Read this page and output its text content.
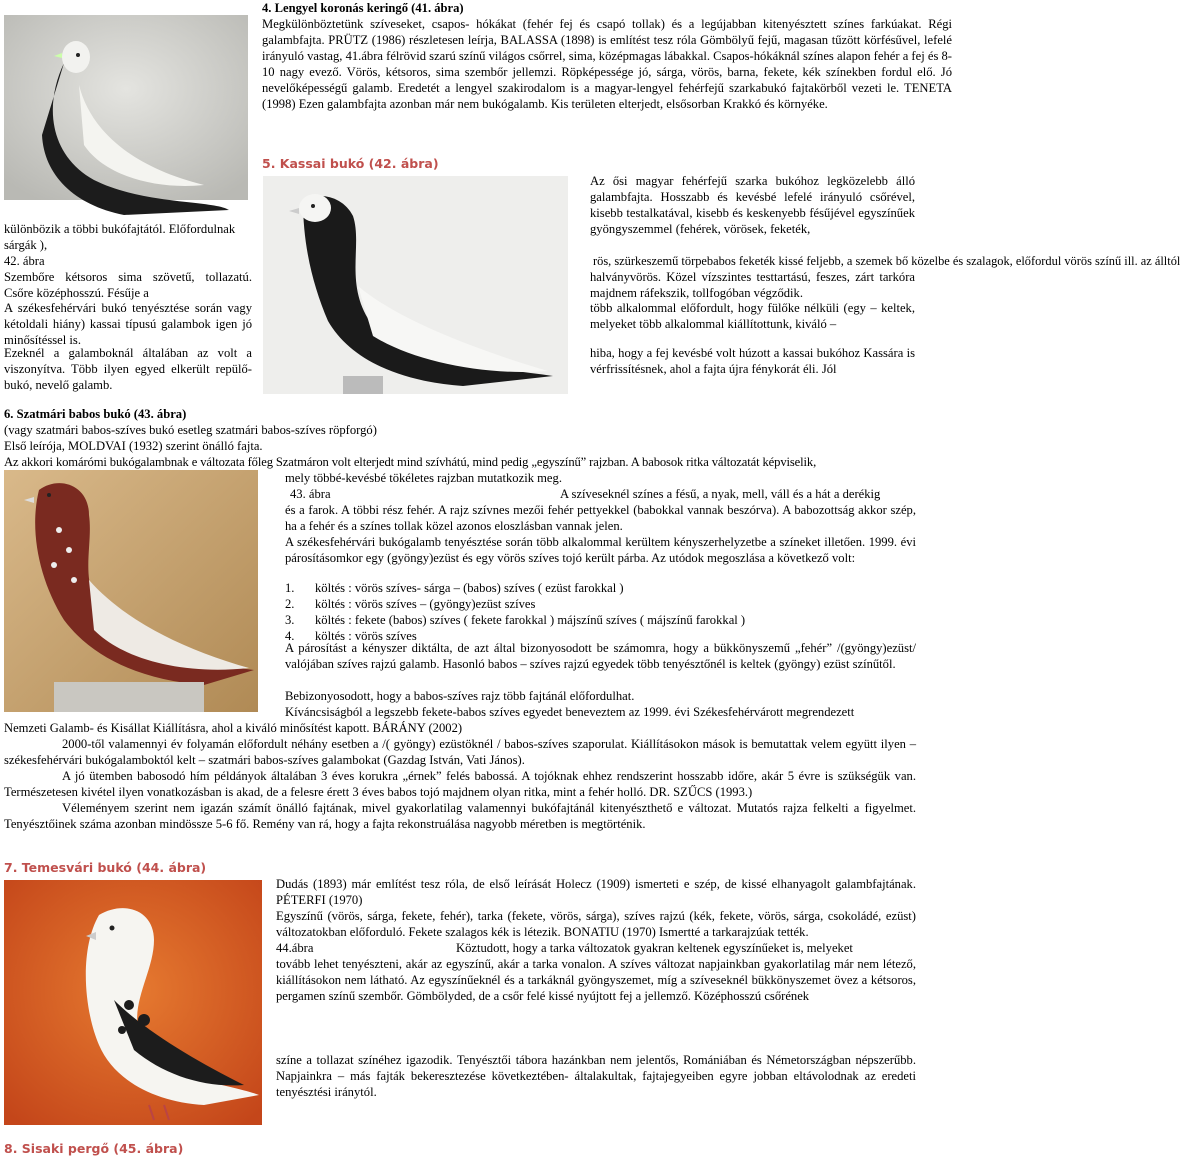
4. Lengyel koronás keringő (41. ábra)
Megkülönböztetünk szíveseket, csapos- hókákat (fehér fej és csapó tollak) és a legújabban kitenyésztett színes farkúakat. Régi galambfajta. PRÜTZ (1986) részletesen leírja, BALASSA (1898) is említést tesz róla Gömbölyű fejű, magasan tűzött körfésűvel, lefelé irányuló vastag, 41.ábra félrövid szarú színű világos csőrrel, sima, középmagas lábakkal. Csapos-hókáknál színes alapon fehér a fej és 8-10 nagy evező. Vörös, kétsoros, sima szembőr jellemzi. Röpképessége jó, sárga, vörös, barna, fekete, kék színekben fordul elő. Jó nevelőképességű galamb. Eredetét a lengyel szakirodalom is a magyar-lengyel fehérfejű szarkabukó fajtakörből vezeti le. TENETA (1998) Ezen galambfajta azonban már nem bukógalamb. Kis területen elterjedt, elsősorban Krakkó és környéke.
5. Kassai bukó (42. ábra)
Az ősi magyar fehérfejű szarka bukóhoz legközelebb álló galambfajta. Hosszabb és kevésbé lefelé irányuló csőrével, kisebb testalkatával, kisebb és keskenyebb fésűjével egyszínűek gyöngyszemmel (fehérek, vörösek, feketék,
rös, szürkeszemű törpebabos feketék kissé feljebb, a szemek bő közelbe és szalagok, előfordul vörös színű ill. az álltól
halványvörös. Közel vízszintes testtartású, feszes, zárt tarkóra majdnem ráfekszik, tollfogóban végződik.
több alkalommal előfordult, hogy fülőke nélküli (egy – keltek, melyeket több alkalommal kiállítottunk, kiváló –
hiba, hogy a fej kevésbé volt húzott a kassai bukóhoz Kassára is vérfrissítésnek, ahol a fajta újra fénykorát éli. Jól
különbözik a többi bukófajtától. Előfordulnak
sárgák ),
42. ábra
Szembőre kétsoros sima szövetű, tollazatú. Csőre középhosszú. Fésűje a
A székesfehérvári bukó tenyésztése során vagy kétoldali hiány) kassai típusú galambok igen jó minősítéssel is.
Ezeknél a galamboknál általában az volt a viszonyítva. Több ilyen egyed elkerült repülő- bukó, nevelő galamb.
6. Szatmári babos bukó (43. ábra)
(vagy szatmári babos-szíves bukó esetleg szatmári babos-szíves röpforgó)
Első leírója, MOLDVAI (1932) szerint önálló fajta.
Az akkori komárómi bukógalambnak e változata főleg Szatmáron volt elterjedt mind szívhátú, mind pedig „egyszínű” rajzban. A babosok ritka változatát képviselik,
mely többé-kevésbé tökéletes rajzban mutatkozik meg.
43. ábra	A szíveseknél színes a fésű, a nyak, mell, váll és a hát a derékig
és a farok. A többi rész fehér. A rajz szívnes mezői fehér pettyekkel (babokkal vannak beszórva). A babozottság akkor szép, ha a fehér és a színes tollak közel azonos eloszlásban vannak jelen.
A székesfehérvári bukógalamb tenyésztése során több alkalommal kerültem kényszerhelyzetbe a színeket illetően. 1999. évi párosításomkor egy (gyöngy)ezüst és egy vörös szíves tojó került párba. Az utódok megoszlása a következő volt:
1. költés : vörös szíves- sárga – (babos) szíves ( ezüst farokkal )
2. költés : vörös szíves – (gyöngy)ezüst szíves
3. költés : fekete (babos) szíves ( fekete farokkal ) májszínű szíves ( májszínű farokkal )
4. költés : vörös szíves
A párosítást a kényszer diktálta, de azt által bizonyosodott be számomra, hogy a bükkönyszemű „fehér” /(gyöngy)ezüst/ valójában szíves rajzú galamb. Hasonló babos – szíves rajzú egyedek több tenyésztőnél is keltek (gyöngy) ezüst színűtől.
Bebizonyosodott, hogy a babos-szíves rajz több fajtánál előfordulhat.
Kíváncsiságból a legszebb fekete-babos szíves egyedet beneveztem az 1999. évi Székesfehérvárott megrendezett
Nemzeti Galamb- és Kisállat Kiállításra, ahol a kiváló minősítést kapott. BÁRÁNY (2002)
2000-től valamennyi év folyamán előfordult néhány esetben a /( gyöngy) ezüstöknél / babos-szíves szaporulat. Kiállításokon mások is bemutattak velem együtt ilyen – székesfehérvári bukógalamboktól kelt – szatmári babos-szíves galambokat (Gazdag István, Vati János).
A jó ütemben babosodó hím példányok általában 3 éves korukra „érnek” felés babossá. A tojóknak ehhez rendszerint hosszabb időre, akár 5 évre is szükségük van. Természetesen kivétel ilyen vonatkozásban is akad, de a felesre érett 3 éves babos tojó majdnem olyan ritka, mint a fehér holló. DR. SZŰCS (1993.)
Véleményem szerint nem igazán számít önálló fajtának, mivel gyakorlatilag valamennyi bukófajtánál kitenyészthető e változat. Mutatós rajza felkelti a figyelmet. Tenyésztőinek száma azonban mindössze 5-6 fő. Remény van rá, hogy a fajta rekonstruálása nagyobb méretben is megtörténik.
7. Temesvári bukó (44. ábra)
Dudás (1893) már említést tesz róla, de első leírását Holecz (1909) ismerteti e szép, de kissé elhanyagolt galambfajtának. PÉTERFI (1970)
Egyszínű (vörös, sárga, fekete, fehér), tarka (fekete, vörös, sárga), szíves rajzú (kék, fekete, vörös, sárga, csokoládé, ezüst) változatokban előforduló. Fekete szalagos kék is létezik. BONATIU (1970) Ismertté a tarkarajzúak tették.
44.ábra	Köztudott, hogy a tarka változatok gyakran keltenek egyszínűeket is, melyeket
tovább lehet tenyészteni, akár az egyszínű, akár a tarka vonalon. A szíves változat napjainkban gyakorlatilag már nem létező, kiállításokon nem látható. Az egyszínűeknél és a tarkáknál gyöngyszemet, míg a szíveseknél bükkönyszemet övez a kétsoros, pergamen színű szembőr. Gömbölyded, de a csőr felé kissé nyújtott fej a jellemző. Középhosszú csőrének
színe a tollazat színéhez igazodik. Tenyésztői tábora hazánkban nem jelentős, Romániában és Németországban népszerűbb. Napjainkra – más fajták bekeresztezése következtében- általakultak, fajtajegyeiben egyre jobban eltávolodnak az eredeti tenyésztési iránytól.
8. Sisaki pergő (45. ábra)
